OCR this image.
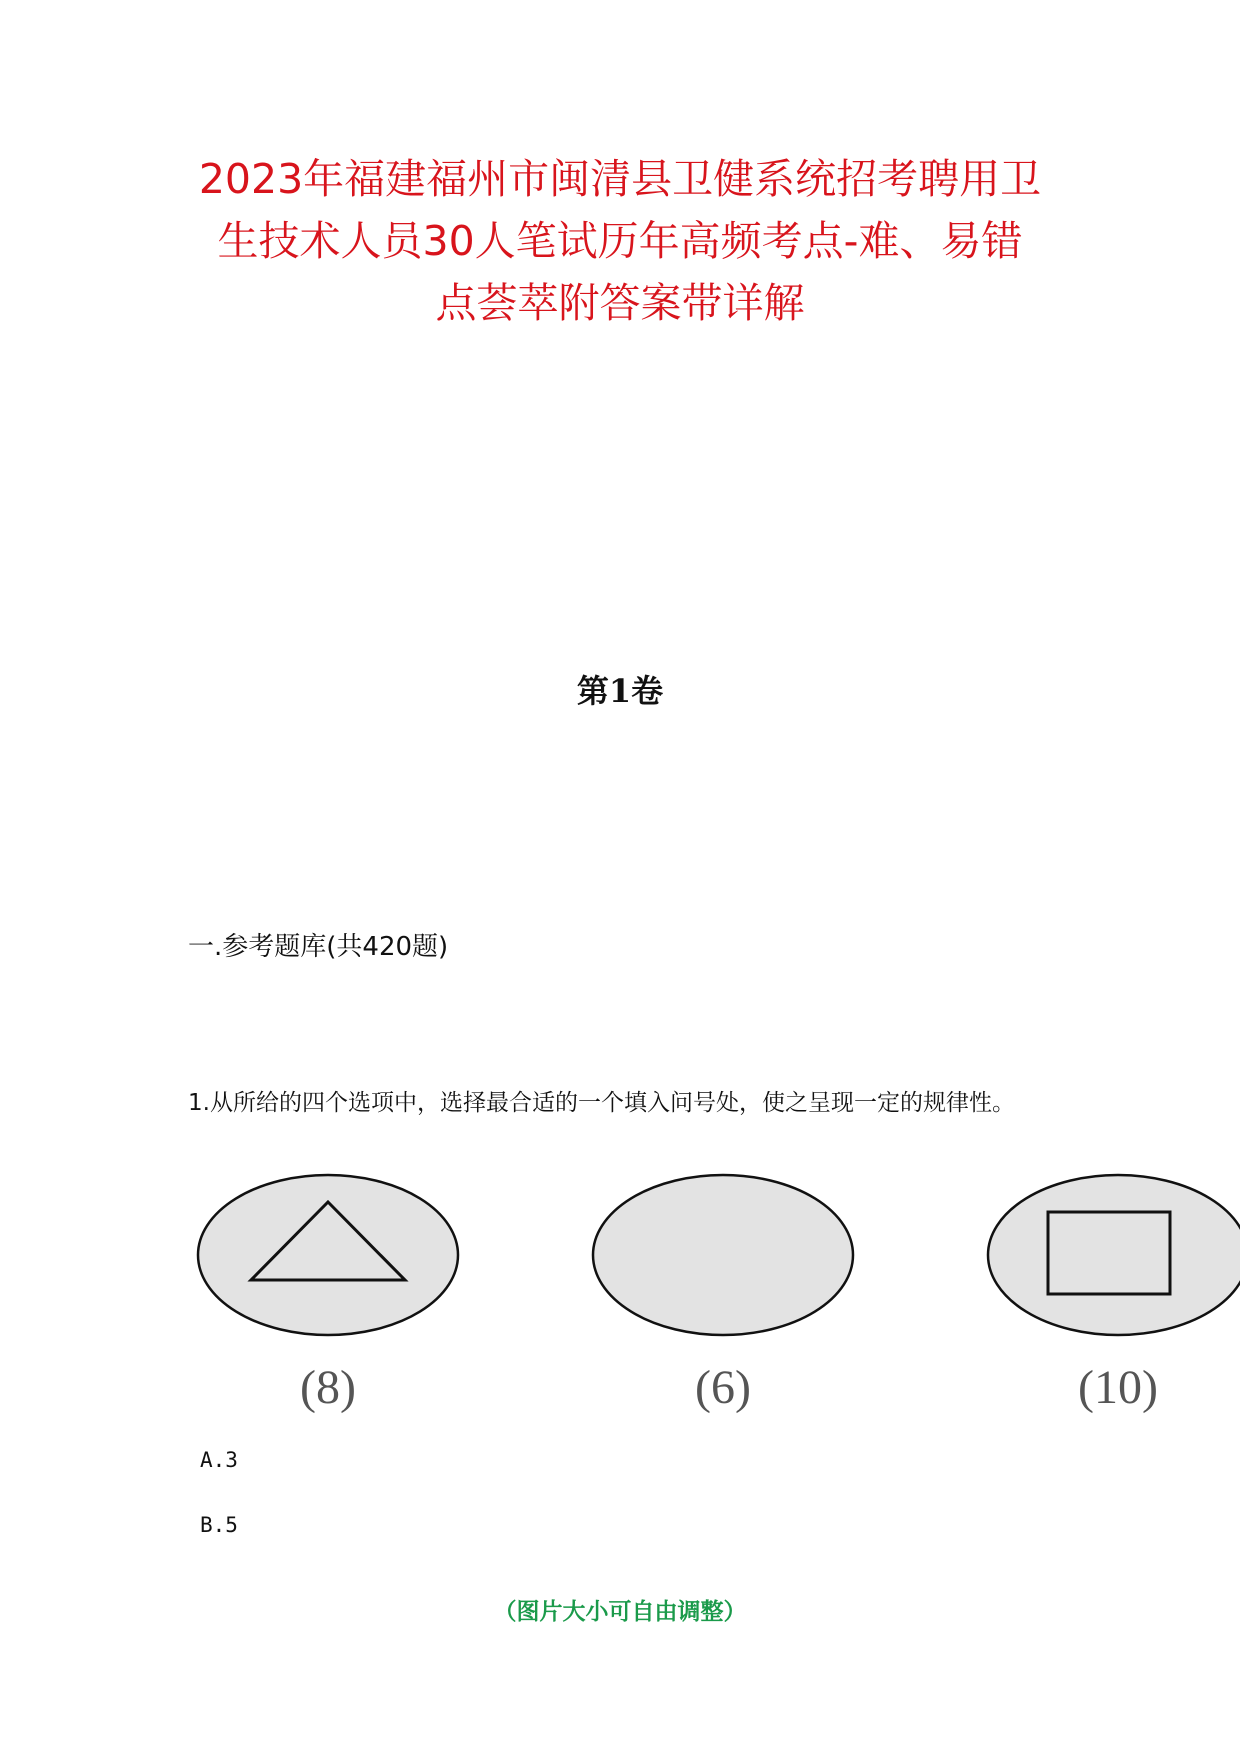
2023年福建福州市闽清县卫健系统招考聘用卫
生技术人员30人笔试历年高频考点-难、易错
点荟萃附答案带详解
第1卷
一.参考题库(共420题)

1.从所给的四个选项中，选择最合适的一个填入问号处，使之呈现一定的规律性。

(8)	(6)	(10)

A.3

B.5

（图片大小可自由调整）
